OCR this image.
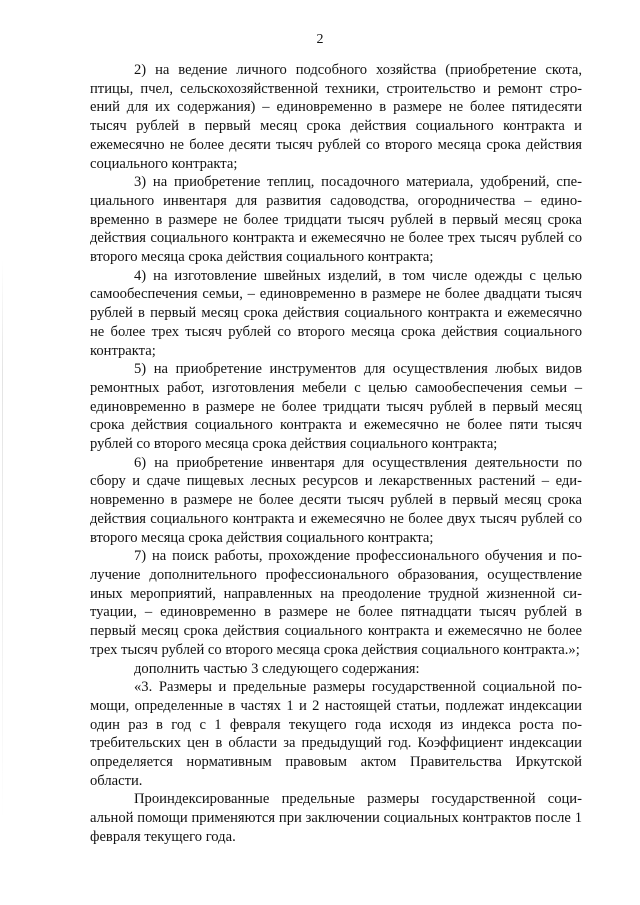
2

2) на ведение личного подсобного хозяйства (приобретение скота, птицы, пчел, сельскохозяйственной техники, строительство и ремонт строений для их содержания) – единовременно в размере не более пятидесяти тысяч рублей в первый месяц срока действия социального контракта и ежемесячно не более десяти тысяч рублей со второго месяца срока действия социального контракта;

3) на приобретение теплиц, посадочного материала, удобрений, специального инвентаря для развития садоводства, огородничества – единовременно в размере не более тридцати тысяч рублей в первый месяц срока действия социального контракта и ежемесячно не более трех тысяч рублей со второго месяца срока действия социального контракта;

4) на изготовление швейных изделий, в том числе одежды с целью самообеспечения семьи, – единовременно в размере не более двадцати тысяч рублей в первый месяц срока действия социального контракта и ежемесячно не более трех тысяч рублей со второго месяца срока действия социального контракта;

5) на приобретение инструментов для осуществления любых видов ремонтных работ, изготовления мебели с целью самообеспечения семьи – единовременно в размере не более тридцати тысяч рублей в первый месяц срока действия социального контракта и ежемесячно не более пяти тысяч рублей со второго месяца срока действия социального контракта;

6) на приобретение инвентаря для осуществления деятельности по сбору и сдаче пищевых лесных ресурсов и лекарственных растений – единовременно в размере не более десяти тысяч рублей в первый месяц срока действия социального контракта и ежемесячно не более двух тысяч рублей со второго месяца срока действия социального контракта;

7) на поиск работы, прохождение профессионального обучения и получение дополнительного профессионального образования, осуществление иных мероприятий, направленных на преодоление трудной жизненной ситуации, – единовременно в размере не более пятнадцати тысяч рублей в первый месяц срока действия социального контракта и ежемесячно не более трех тысяч рублей со второго месяца срока действия социального контракта.»;

дополнить частью 3 следующего содержания:

«3. Размеры и предельные размеры государственной социальной помощи, определенные в частях 1 и 2 настоящей статьи, подлежат индексации один раз в год с 1 февраля текущего года исходя из индекса роста потребительских цен в области за предыдущий год. Коэффициент индексации определяется нормативным правовым актом Правительства Иркутской области.

Проиндексированные предельные размеры государственной социальной помощи применяются при заключении социальных контрактов после 1 февраля текущего года.
